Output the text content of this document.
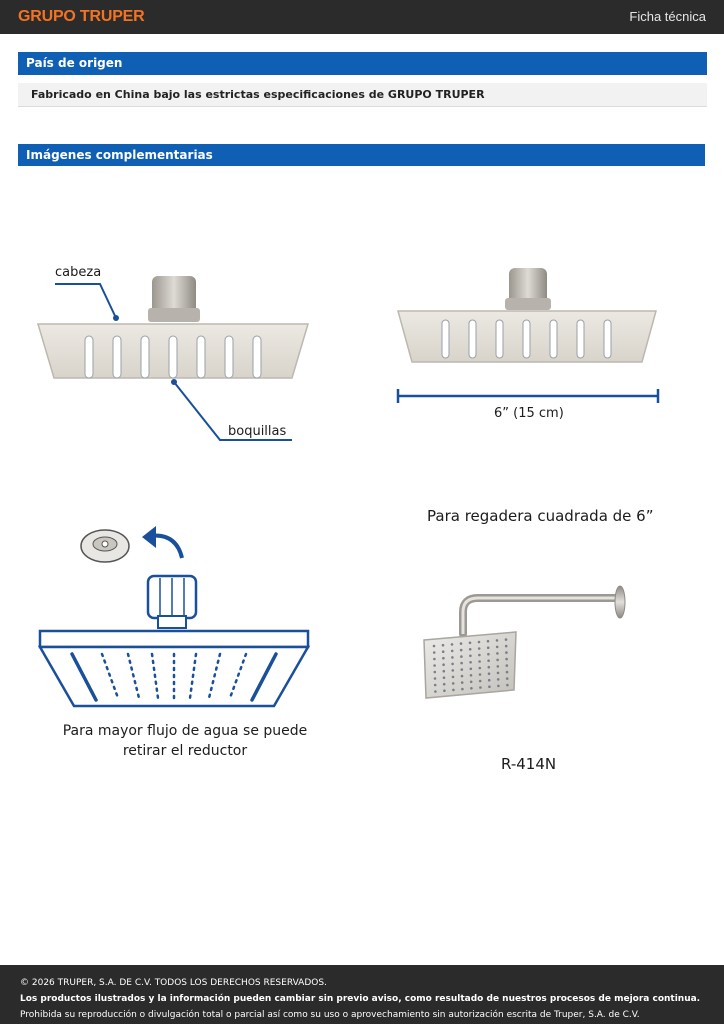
GRUPO TRUPER	Ficha técnica
País de origen
Fabricado en China bajo las estrictas especificaciones de GRUPO TRUPER
Imágenes complementarias
cabeza
boquillas
6” (15 cm)
Para mayor flujo de agua se puede retirar el reductor
Para regadera cuadrada de 6”
R-414N
© 2026 TRUPER, S.A. DE C.V. TODOS LOS DERECHOS RESERVADOS.
Los productos ilustrados y la información pueden cambiar sin previo aviso, como resultado de nuestros procesos de mejora continua.
Prohibida su reproducción o divulgación total o parcial así como su uso o aprovechamiento sin autorización escrita de Truper, S.A. de C.V.
